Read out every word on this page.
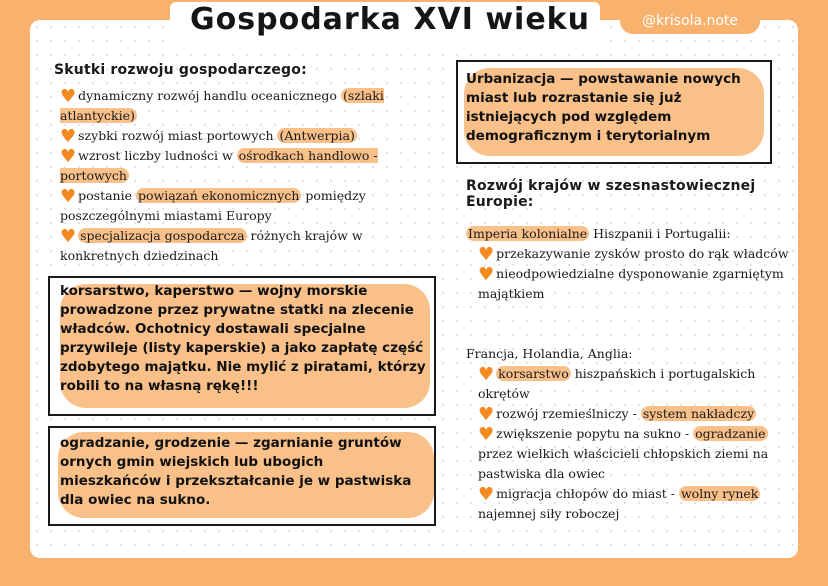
Gospodarka XVI wieku	@krisola.note
Skutki rozwoju gospodarczego:
♥ dynamiczny rozwój handlu oceanicznego (szlaki atlantyckie)
♥ szybki rozwój miast portowych (Antwerpia)
♥ wzrost liczby ludności w ośrodkach handlowo - portowych
♥ postanie powiązań ekonomicznych pomiędzy poszczególnymi miastami Europy
♥ specjalizacja gospodarcza różnych krajów w konkretnych dziedzinach
korsarstwo, kaperstwo — wojny morskie prowadzone przez prywatne statki na zlecenie władców. Ochotnicy dostawali specjalne przywileje (listy kaperskie) a jako zapłatę część zdobytego majątku. Nie mylić z piratami, którzy robili to na własną rękę!!!
ogradzanie, grodzenie — zgarnianie gruntów ornych gmin wiejskich lub ubogich mieszkańców i przekształcanie je w pastwiska dla owiec na sukno.
Urbanizacja — powstawanie nowych miast lub rozrastanie się już istniejących pod względem demograficznym i terytorialnym
Rozwój krajów w szesnastowiecznej Europie:
Imperia kolonialne Hiszpanii i Portugalii:
♥ przekazywanie zysków prosto do rąk władców
♥ nieodpowiedzialne dysponowanie zgarniętym majątkiem
Francja, Holandia, Anglia:
♥ korsarstwo hiszpańskich i portugalskich okrętów
♥ rozwój rzemieślniczy - system nakładczy
♥ zwiększenie popytu na sukno - ogradzanie przez wielkich właścicieli chłopskich ziemi na pastwiska dla owiec
♥ migracja chłopów do miast - wolny rynek najemnej siły roboczej
